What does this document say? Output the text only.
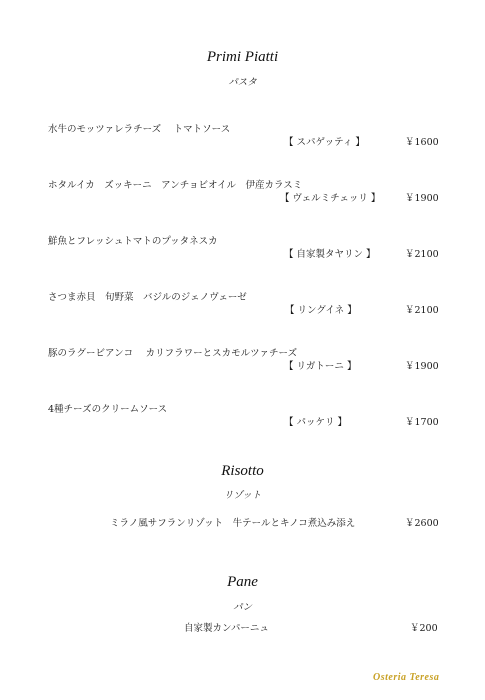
Primi Piatti
パスタ
水牛のモッツァレラチーズ　 トマトソース
【 スパゲッティ 】	￥1600
ホタルイカ　ズッキーニ　アンチョビオイル　伊産カラスミ
【 ヴェルミチェッリ 】	￥1900
鮮魚とフレッシュトマトのプッタネスカ
【 自家製タヤリン 】	￥2100
さつま赤貝　旬野菜　バジルのジェノヴェーゼ
【 リングイネ 】	￥2100
豚のラグービアンコ　 カリフラワーとスカモルツァチーズ
【 リガトーニ 】	￥1900
4種チーズのクリームソース
【 パッケリ 】	￥1700
Risotto
リゾット
ミラノ風サフランリゾット　牛テールとキノコ煮込み添え	￥2600
Pane
パン
自家製カンパーニュ	￥200
Osteria Teresa
